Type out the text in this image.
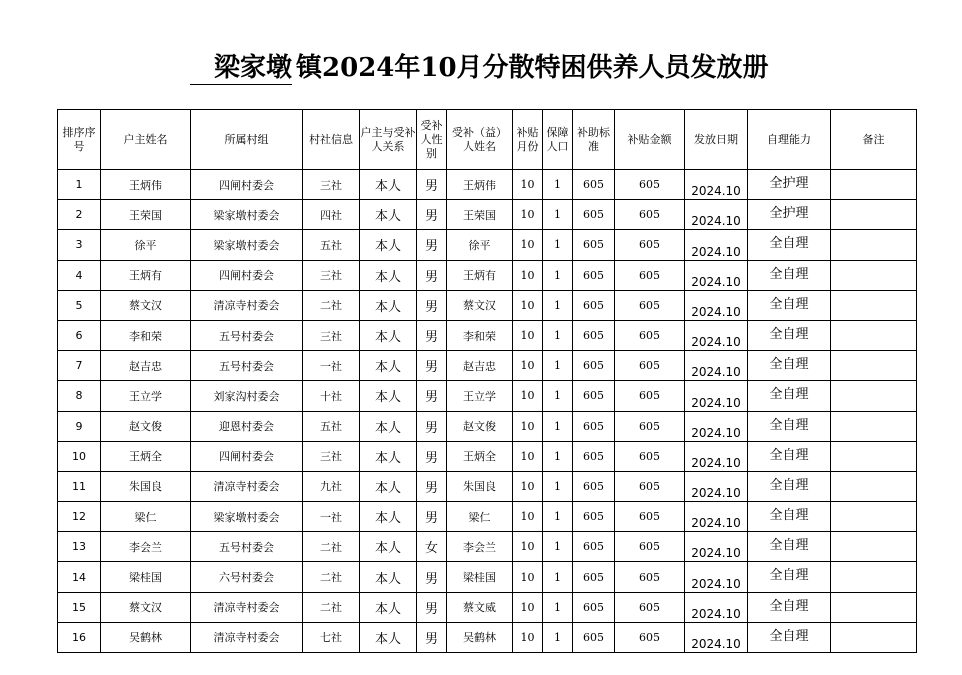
梁家墩 镇2024年10月分散特困供养人员发放册
排序序号	户主姓名	所属村组	村社信息	户主与受补人关系	受补人性别	受补（益）人姓名	补贴月份	保障人口	补助标准	补贴金额	发放日期	自理能力	备注
1	王炳伟	四闸村委会	三社	本人	男	王炳伟	10	1	605	605	2024.10	全护理	
2	王荣国	梁家墩村委会	四社	本人	男	王荣国	10	1	605	605	2024.10	全护理	
3	徐平	梁家墩村委会	五社	本人	男	徐平	10	1	605	605	2024.10	全自理	
4	王炳有	四闸村委会	三社	本人	男	王炳有	10	1	605	605	2024.10	全自理	
5	蔡文汉	清凉寺村委会	二社	本人	男	蔡文汉	10	1	605	605	2024.10	全自理	
6	李和荣	五号村委会	三社	本人	男	李和荣	10	1	605	605	2024.10	全自理	
7	赵吉忠	五号村委会	一社	本人	男	赵吉忠	10	1	605	605	2024.10	全自理	
8	王立学	刘家沟村委会	十社	本人	男	王立学	10	1	605	605	2024.10	全自理	
9	赵文俊	迎恩村委会	五社	本人	男	赵文俊	10	1	605	605	2024.10	全自理	
10	王炳全	四闸村委会	三社	本人	男	王炳全	10	1	605	605	2024.10	全自理	
11	朱国良	清凉寺村委会	九社	本人	男	朱国良	10	1	605	605	2024.10	全自理	
12	梁仁	梁家墩村委会	一社	本人	男	梁仁	10	1	605	605	2024.10	全自理	
13	李会兰	五号村委会	二社	本人	女	李会兰	10	1	605	605	2024.10	全自理	
14	梁桂国	六号村委会	二社	本人	男	梁桂国	10	1	605	605	2024.10	全自理	
15	蔡文汉	清凉寺村委会	二社	本人	男	蔡文威	10	1	605	605	2024.10	全自理	
16	吴鹤林	清凉寺村委会	七社	本人	男	吴鹤林	10	1	605	605	2024.10	全自理	
